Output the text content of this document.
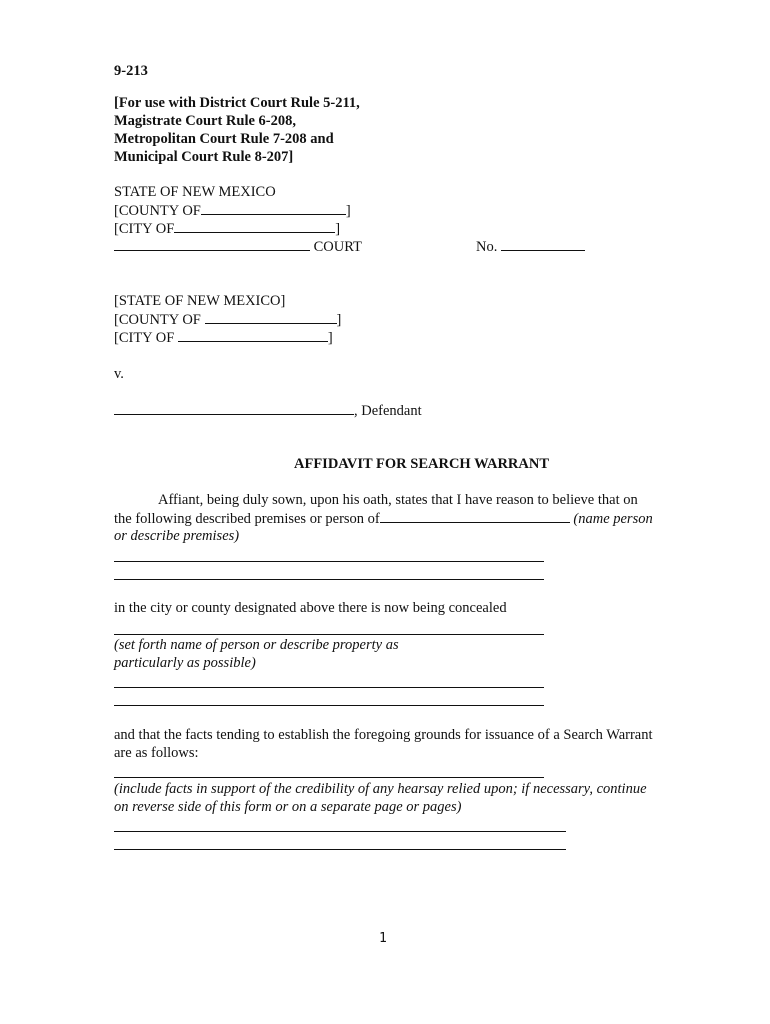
9-213
[For use with District Court Rule 5-211,
Magistrate Court Rule 6-208,
Metropolitan Court Rule 7-208 and
Municipal Court Rule 8-207]
STATE OF NEW MEXICO
[COUNTY OF	]
[CITY OF	]
COURT	No.
[STATE OF NEW MEXICO]
[COUNTY OF	]
[CITY OF	]
v.
, Defendant
AFFIDAVIT FOR SEARCH WARRANT
Affiant, being duly sown, upon his oath, states that I have reason to believe that on
the following described premises or person of	(name person
or describe premises)
in the city or county designated above there is now being concealed
(set forth name of person or describe property as
particularly as possible)
and that the facts tending to establish the foregoing grounds for issuance of a Search Warrant
are as follows:
(include facts in support of the credibility of any hearsay relied upon; if necessary, continue
on reverse side of this form or on a separate page or pages)
1
